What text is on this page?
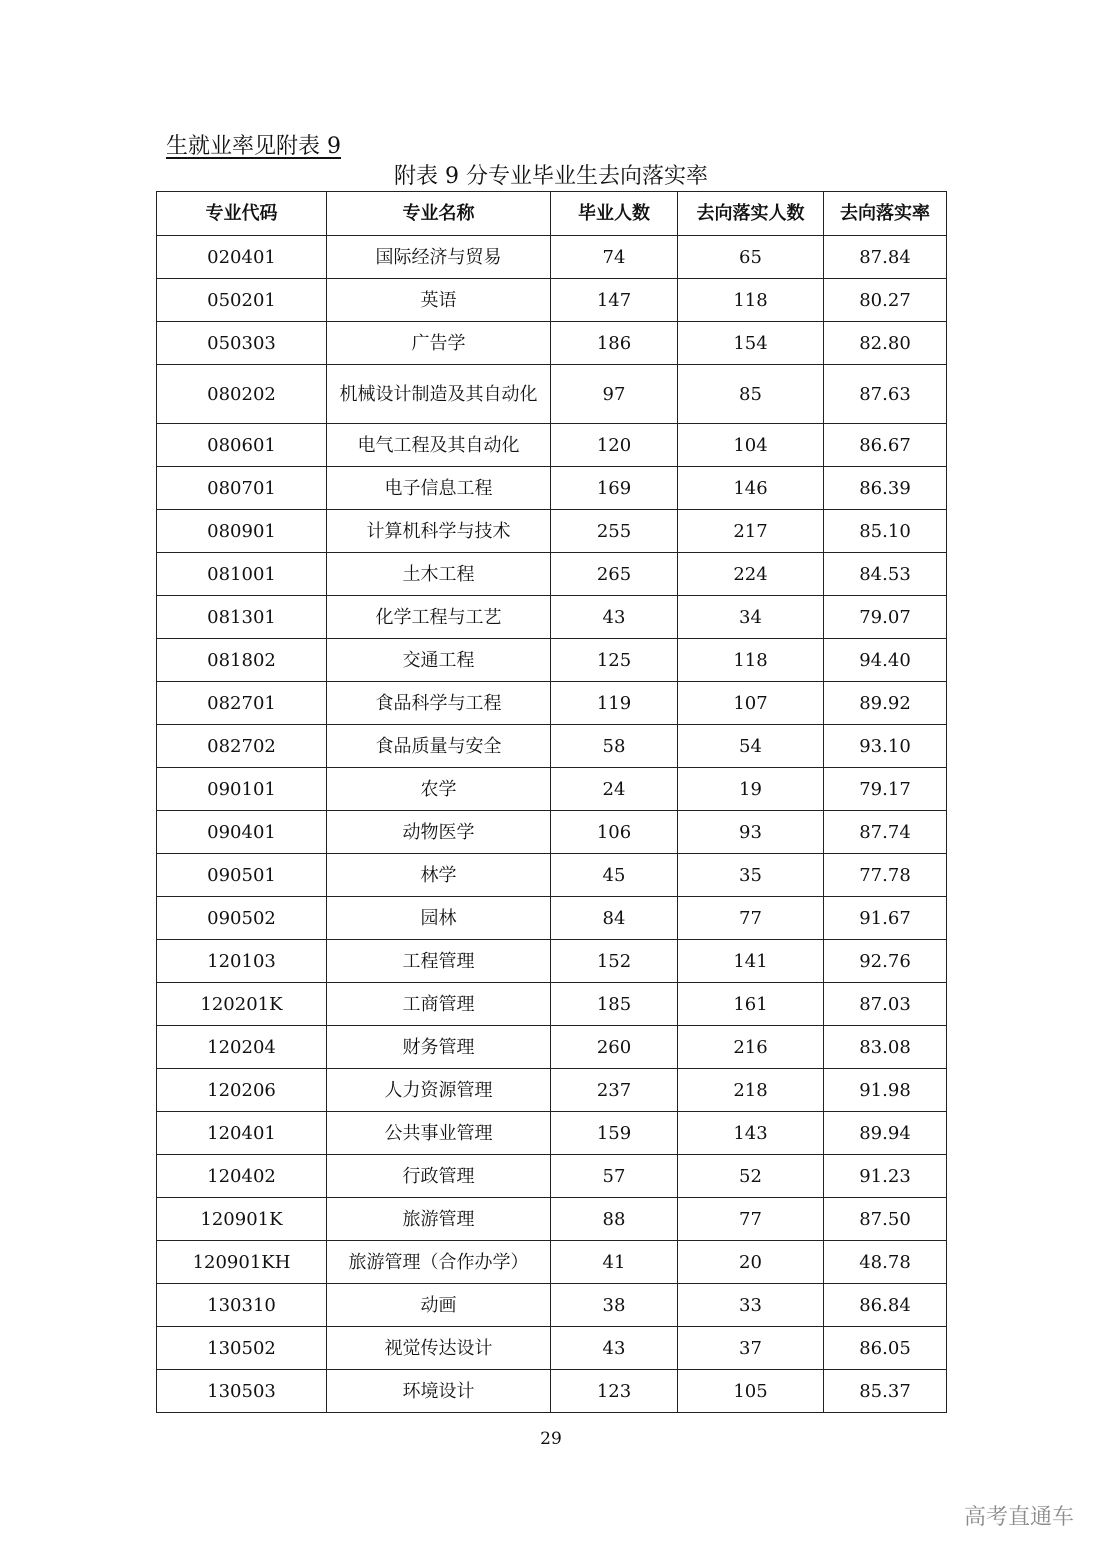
生就业率见附表 9
附表 9 分专业毕业生去向落实率
专业代码	专业名称	毕业人数	去向落实人数	去向落实率
020401	国际经济与贸易	74	65	87.84
050201	英语	147	118	80.27
050303	广告学	186	154	82.80
080202	机械设计制造及其自动化	97	85	87.63
080601	电气工程及其自动化	120	104	86.67
080701	电子信息工程	169	146	86.39
080901	计算机科学与技术	255	217	85.10
081001	土木工程	265	224	84.53
081301	化学工程与工艺	43	34	79.07
081802	交通工程	125	118	94.40
082701	食品科学与工程	119	107	89.92
082702	食品质量与安全	58	54	93.10
090101	农学	24	19	79.17
090401	动物医学	106	93	87.74
090501	林学	45	35	77.78
090502	园林	84	77	91.67
120103	工程管理	152	141	92.76
120201K	工商管理	185	161	87.03
120204	财务管理	260	216	83.08
120206	人力资源管理	237	218	91.98
120401	公共事业管理	159	143	89.94
120402	行政管理	57	52	91.23
120901K	旅游管理	88	77	87.50
120901KH	旅游管理（合作办学）	41	20	48.78
130310	动画	38	33	86.84
130502	视觉传达设计	43	37	86.05
130503	环境设计	123	105	85.37
29
高考直通车
